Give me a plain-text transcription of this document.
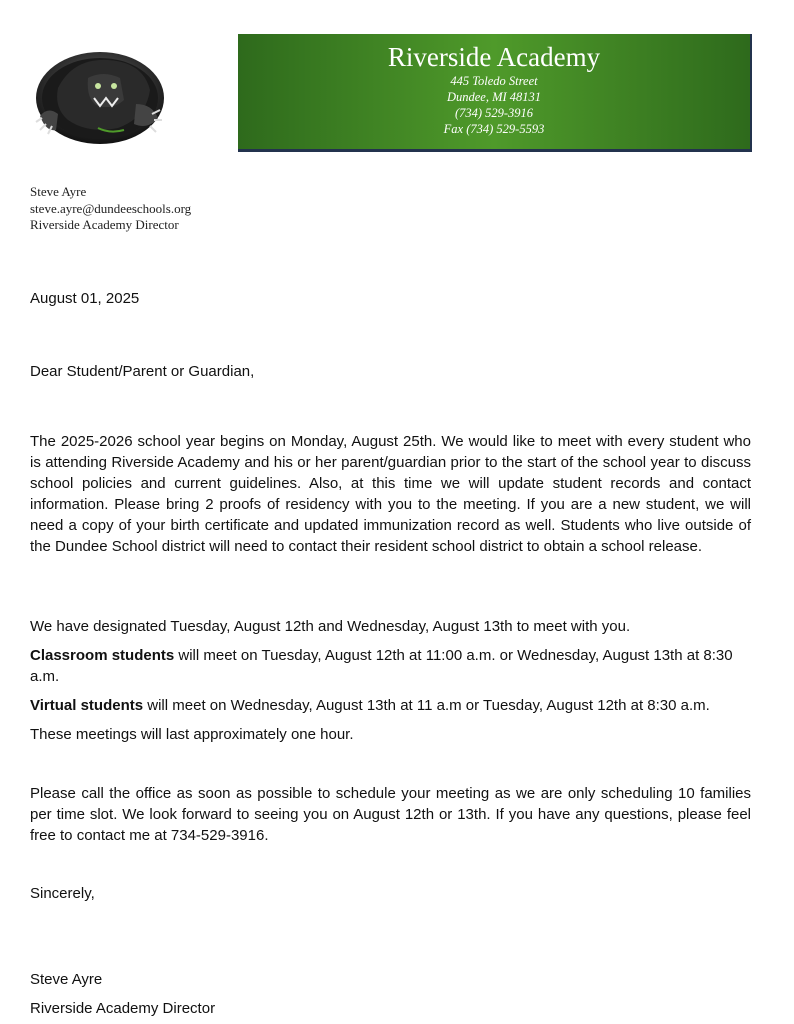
Riverside Academy
445 Toledo Street
Dundee, MI 48131
(734) 529-3916
Fax (734) 529-5593
Steve Ayre
steve.ayre@dundeeschools.org
Riverside Academy Director
August 01, 2025
Dear Student/Parent or Guardian,
The 2025-2026 school year begins on Monday, August 25th. We would like to meet with every student who is attending Riverside Academy and his or her parent/guardian prior to the start of the school year to discuss school policies and current guidelines. Also, at this time we will update student records and contact information. Please bring 2 proofs of residency with you to the meeting. If you are a new student, we will need a copy of your birth certificate and updated immunization record as well. Students who live outside of the Dundee School district will need to contact their resident school district to obtain a school release.
We have designated Tuesday, August 12th and Wednesday, August 13th to meet with you.
Classroom students will meet on Tuesday, August 12th at 11:00 a.m. or Wednesday, August 13th at 8:30 a.m.
Virtual students will meet on Wednesday, August 13th at 11 a.m or Tuesday, August 12th at 8:30 a.m.
These meetings will last approximately one hour.
Please call the office as soon as possible to schedule your meeting as we are only scheduling 10 families per time slot. We look forward to seeing you on August 12th or 13th. If you have any questions, please feel free to contact me at 734-529-3916.
Sincerely,
Steve Ayre
Riverside Academy Director
